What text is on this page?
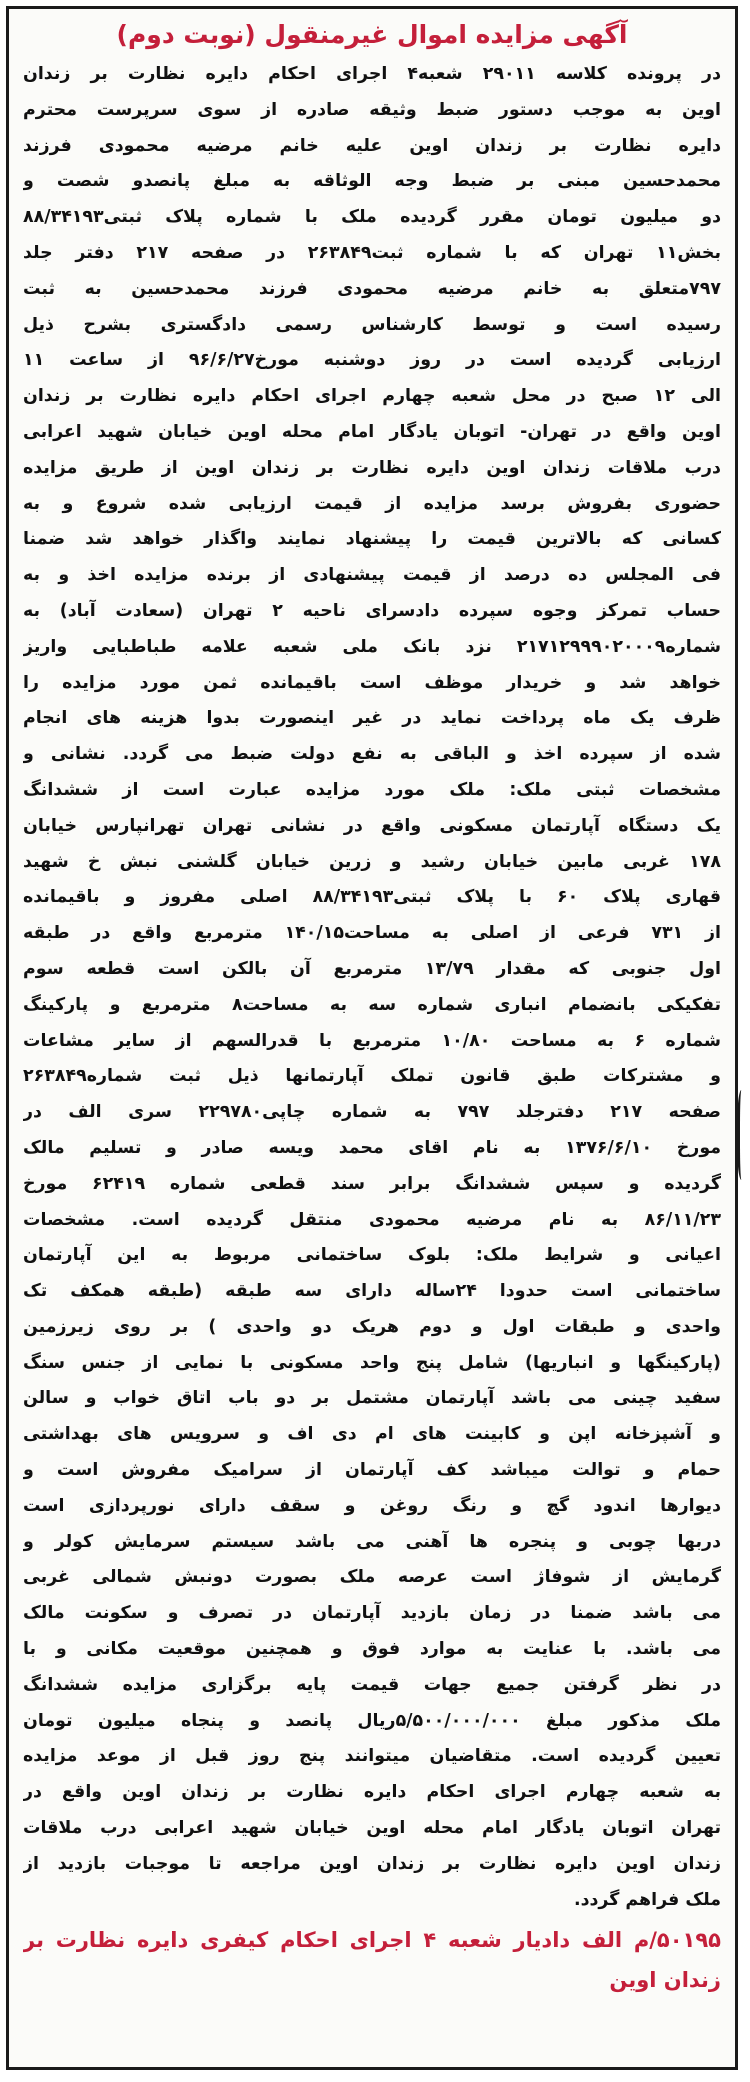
آگهی مزایده اموال غیرمنقول (نوبت دوم)
در پرونده کلاسه ۲۹۰۱۱ شعبه۴ اجرای احکام دایره نظارت بر زندان
اوین به موجب دستور ضبط وثیقه صادره از سوی سرپرست محترم
دایره نظارت بر زندان اوین علیه خانم مرضیه محمودی فرزند
محمدحسین مبنی بر ضبط وجه الوثاقه به مبلغ پانصدو شصت و
دو میلیون تومان مقرر گردیده ملک با شماره پلاک ثبتی۸۸/۳۴۱۹۳
بخش۱۱ تهران که با شماره ثبت۲۶۳۸۴۹ در صفحه ۲۱۷ دفتر جلد
۷۹۷متعلق به خانم مرضیه محمودی فرزند محمدحسین به ثبت
رسیده است و توسط کارشناس رسمی دادگستری بشرح ذیل
ارزیابی گردیده است در روز دوشنبه مورخ۹۶/۶/۲۷ از ساعت ۱۱
الی ۱۲ صبح در محل شعبه چهارم اجرای احکام دایره نظارت بر زندان
اوین واقع در تهران- اتوبان یادگار امام محله اوین خیابان شهید اعرابی
درب ملاقات زندان اوین دایره نظارت بر زندان اوین از طریق مزایده
حضوری بفروش برسد مزایده از قیمت ارزیابی شده شروع و به
کسانی که بالاترین قیمت را پیشنهاد نمایند واگذار خواهد شد ضمنا
فی المجلس ده درصد از قیمت پیشنهادی از برنده مزایده اخذ و به
حساب تمرکز وجوه سپرده دادسرای ناحیه ۲ تهران (سعادت آباد) به
شماره۲۱۷۱۲۹۹۹۰۲۰۰۰۹ نزد بانک ملی شعبه علامه طباطبایی واریز
خواهد شد و خریدار موظف است باقیمانده ثمن مورد مزایده را
ظرف یک ماه پرداخت نماید در غیر اینصورت بدوا هزینه های انجام
شده از سپرده اخذ و الباقی به نفع دولت ضبط می گردد. نشانی و
مشخصات ثبتی ملک: ملک مورد مزایده عبارت است از ششدانگ
یک دستگاه آپارتمان مسکونی واقع در نشانی تهران تهرانپارس خیابان
۱۷۸ غربی مابین خیابان رشید و زرین خیابان گلشنی نبش خ شهید
قهاری پلاک ۶۰ با پلاک ثبتی۸۸/۳۴۱۹۳ اصلی مفروز و باقیمانده
از ۷۳۱ فرعی از اصلی به مساحت۱۴۰/۱۵ مترمربع واقع در طبقه
اول جنوبی که مقدار ۱۳/۷۹ مترمربع آن بالکن است قطعه سوم
تفکیکی بانضمام انباری شماره سه به مساحت۸ مترمربع و پارکینگ
شماره ۶ به مساحت ۱۰/۸۰ مترمربع با قدرالسهم از سایر مشاعات
و مشترکات طبق قانون تملک آپارتمانها ذیل ثبت شماره۲۶۳۸۴۹
صفحه ۲۱۷ دفترجلد ۷۹۷ به شماره چاپی۲۲۹۷۸۰ سری الف در
مورخ ۱۳۷۶/۶/۱۰ به نام اقای محمد ویسه صادر و تسلیم مالک
گردیده و سپس ششدانگ برابر سند قطعی شماره ۶۲۴۱۹ مورخ
۸۶/۱۱/۲۳ به نام مرضیه محمودی منتقل گردیده است. مشخصات
اعیانی و شرایط ملک: بلوک ساختمانی مربوط به این آپارتمان
ساختمانی است حدودا ۲۴ساله دارای سه طبقه (طبقه همکف تک
واحدی و طبقات اول و دوم هریک دو واحدی ) بر روی زیرزمین
(پارکینگها و انباریها) شامل پنج واحد مسکونی با نمایی از جنس سنگ
سفید چینی می باشد آپارتمان مشتمل بر دو باب اتاق خواب و سالن
و آشپزخانه اپن و کابینت های ام دی اف و سرویس های بهداشتی
حمام و توالت میباشد کف آپارتمان از سرامیک مفروش است و
دیوارها اندود گچ و رنگ روغن و سقف دارای نورپردازی است
دربها چوبی و پنجره ها آهنی می باشد سیستم سرمایش کولر و
گرمایش از شوفاژ است عرصه ملک بصورت دونبش شمالی غربی
می باشد ضمنا در زمان بازدید آپارتمان در تصرف و سکونت مالک
می باشد. با عنایت به موارد فوق و همچنین موقعیت مکانی و با
در نظر گرفتن جمیع جهات قیمت پایه برگزاری مزایده ششدانگ
ملک مذکور مبلغ ۵/۵۰۰/۰۰۰/۰۰۰ریال پانصد و پنجاه میلیون تومان
تعیین گردیده است. متقاضیان میتوانند پنج روز قبل از موعد مزایده
به شعبه چهارم اجرای احکام دایره نظارت بر زندان اوین واقع در
تهران اتوبان یادگار امام محله اوین خیابان شهید اعرابی درب ملاقات
زندان اوین دایره نظارت بر زندان اوین مراجعه تا موجبات بازدید از
ملک فراهم گردد.
۵۰۱۹۵/م الف دادیار شعبه ۴ اجرای احکام کیفری دایره نظارت بر
زندان اوین
